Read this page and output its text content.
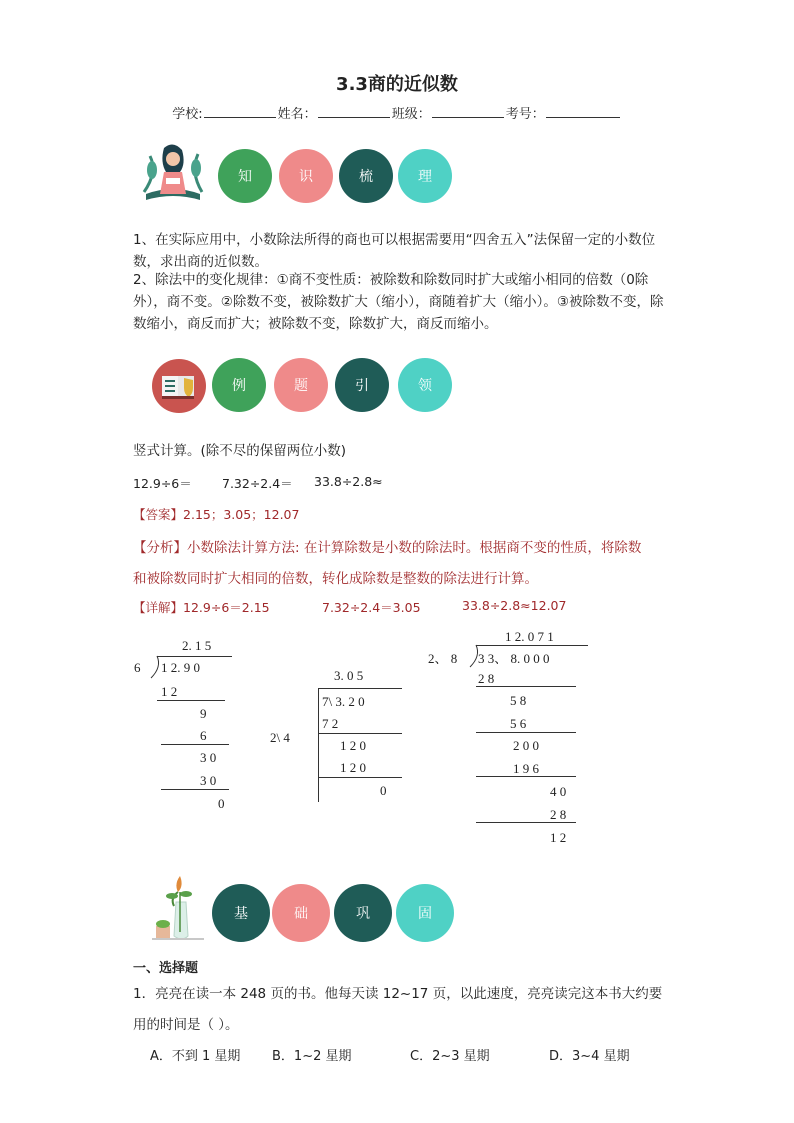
3.3商的近似数
学校:	姓名：	班级：	考号：
知	识	梳	理
1、在实际应用中，小数除法所得的商也可以根据需要用“四舍五入”法保留一定的小数位数，求出商的近似数。
2、除法中的变化规律：①商不变性质：被除数和除数同时扩大或缩小相同的倍数（0除外），商不变。②除数不变，被除数扩大（缩小），商随着扩大（缩小）。③被除数不变，除数缩小，商反而扩大；被除数不变，除数扩大，商反而缩小。
例	题	引	领
竖式计算。(除不尽的保留两位小数)
12.9÷6＝ 7.32÷2.4＝ 33.8÷2.8≈
【答案】2.15；3.05；12.07
【分析】小数除法计算方法: 在计算除数是小数的除法时。根据商不变的性质，将除数
和被除数同时扩大相同的倍数，转化成除数是整数的除法进行计算。
【详解】12.9÷6＝2.15	7.32÷2.4＝3.05	33.8÷2.8≈12.07
2. 1 5
6 1 2. 9 0
1 2
9
6
3 0
3 0
0
3. 0 5
2\ 4
7\ 3. 2 0
7 2
1 2 0
1 2 0
0
1 2. 0 7 1
2、 8 3 3、 8. 0 0 0
2 8
5 8
5 6
2 0 0
1 9 6
4 0
2 8
1 2
基	础	巩	固
一、选择题
1．亮亮在读一本 248 页的书。他每天读 12~17 页，以此速度，亮亮读完这本书大约要
用的时间是（ ）。
A．不到 1 星期 B．1~2 星期	C．2~3 星期	D．3~4 星期
